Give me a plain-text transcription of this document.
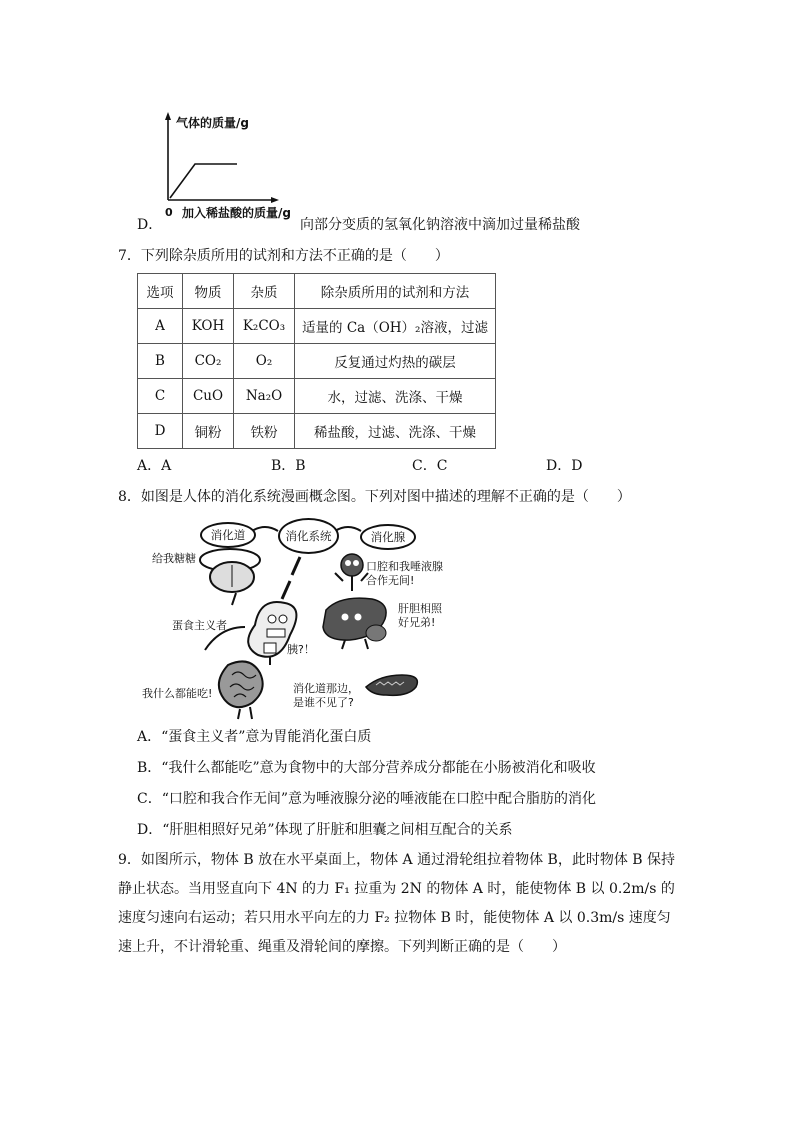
气体的质量/g
0 加入稀盐酸的质量/g
D．	向部分变质的氢氧化钠溶液中滴加过量稀盐酸
7．下列除杂质所用的试剂和方法不正确的是（　　）
选项	物质	杂质	除杂质所用的试剂和方法
A	KOH	K₂CO₃	适量的 Ca（OH）₂溶液，过滤
B	CO₂	O₂	反复通过灼热的碳层
C	CuO	Na₂O	水，过滤、洗涤、干燥
D	铜粉	铁粉	稀盐酸，过滤、洗涤、干燥
A．A	B．B	C．C	D．D
8．如图是人体的消化系统漫画概念图。下列对图中描述的理解不正确的是（　　）
消化道	消化系统	消化腺
给我糖糖
口腔和我唾液腺
合作无间!
蛋食主义者
肝胆相照
好兄弟!
胰?！
我什么都能吃!	消化道那边，
是谁不见了?
A．“蛋食主义者”意为胃能消化蛋白质
B．“我什么都能吃”意为食物中的大部分营养成分都能在小肠被消化和吸收
C．“口腔和我合作无间”意为唾液腺分泌的唾液能在口腔中配合脂肪的消化
D．“肝胆相照好兄弟”体现了肝脏和胆囊之间相互配合的关系
9．如图所示，物体 B 放在水平桌面上，物体 A 通过滑轮组拉着物体 B，此时物体 B 保持静止状态。当用竖直向下 4N 的力 F₁ 拉重为 2N 的物体 A 时，能使物体 B 以 0.2m/s 的速度匀速向右运动；若只用水平向左的力 F₂ 拉物体 B 时，能使物体 A 以 0.3m/s 速度匀速上升，不计滑轮重、绳重及滑轮间的摩擦。下列判断正确的是（　　）
